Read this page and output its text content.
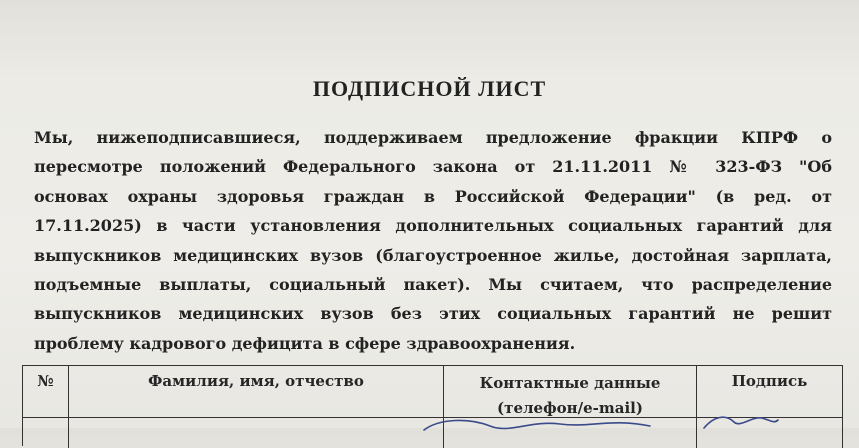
ПОДПИСНОЙ ЛИСТ
Мы, нижеподписавшиеся, поддерживаем предложение фракции КПРФ о
пересмотре положений Федерального закона от 21.11.2011 № 323-ФЗ "Об
основах охраны здоровья граждан в Российской Федерации" (в ред. от
17.11.2025) в части установления дополнительных социальных гарантий для
выпускников медицинских вузов (благоустроенное жилье, достойная зарплата,
подъемные выплаты, социальный пакет). Мы считаем, что распределение
выпускников медицинских вузов без этих социальных гарантий не решит
проблему кадрового дефицита в сфере здравоохранения.
№	Фамилия, имя, отчество	Контактные данные
(телефон/e-mail)
Подпись
